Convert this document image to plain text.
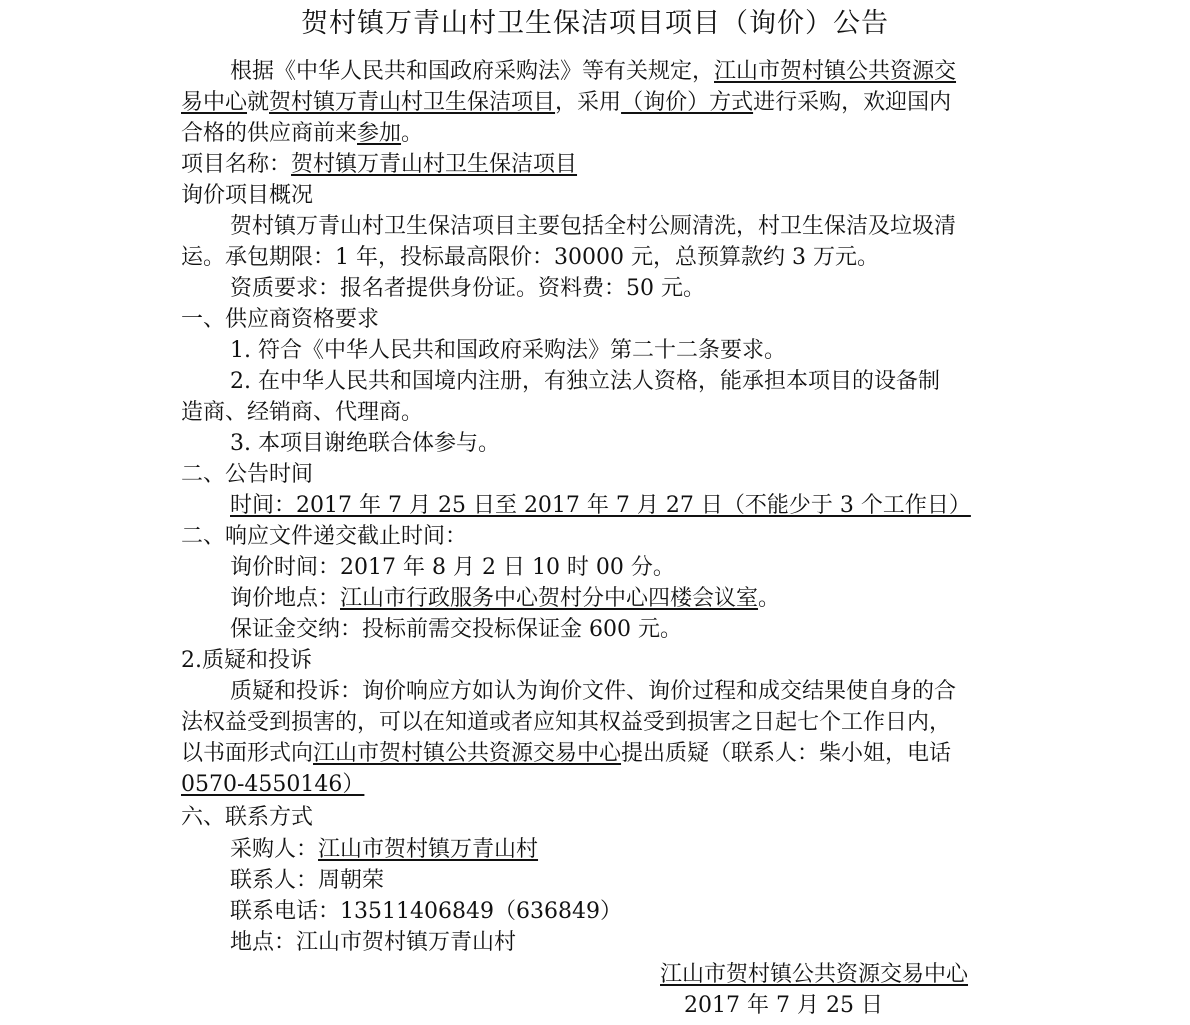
贺村镇万青山村卫生保洁项目项目（询价）公告
根据《中华人民共和国政府采购法》等有关规定，江山市贺村镇公共资源交
易中心就贺村镇万青山村卫生保洁项目，采用（询价）方式进行采购，欢迎国内
合格的供应商前来参加。
项目名称：贺村镇万青山村卫生保洁项目
询价项目概况
贺村镇万青山村卫生保洁项目主要包括全村公厕清洗，村卫生保洁及垃圾清
运。承包期限：1 年，投标最高限价：30000 元，总预算款约 3 万元。
资质要求：报名者提供身份证。资料费：50 元。
一、供应商资格要求
1. 符合《中华人民共和国政府采购法》第二十二条要求。
2. 在中华人民共和国境内注册，有独立法人资格，能承担本项目的设备制
造商、经销商、代理商。
3. 本项目谢绝联合体参与。
二、公告时间
时间：2017 年 7 月 25 日至 2017 年 7 月 27 日（不能少于 3 个工作日）
二、响应文件递交截止时间：
询价时间：2017 年 8 月 2 日 10 时 00 分。
询价地点：江山市行政服务中心贺村分中心四楼会议室。
保证金交纳：投标前需交投标保证金 600 元。
2.质疑和投诉
质疑和投诉：询价响应方如认为询价文件、询价过程和成交结果使自身的合
法权益受到损害的，可以在知道或者应知其权益受到损害之日起七个工作日内，
以书面形式向江山市贺村镇公共资源交易中心提出质疑（联系人：柴小姐，电话
0570-4550146）
六、联系方式
采购人：江山市贺村镇万青山村
联系人：周朝荣
联系电话：13511406849（636849）
地点：江山市贺村镇万青山村
江山市贺村镇公共资源交易中心
2017 年 7 月 25 日
